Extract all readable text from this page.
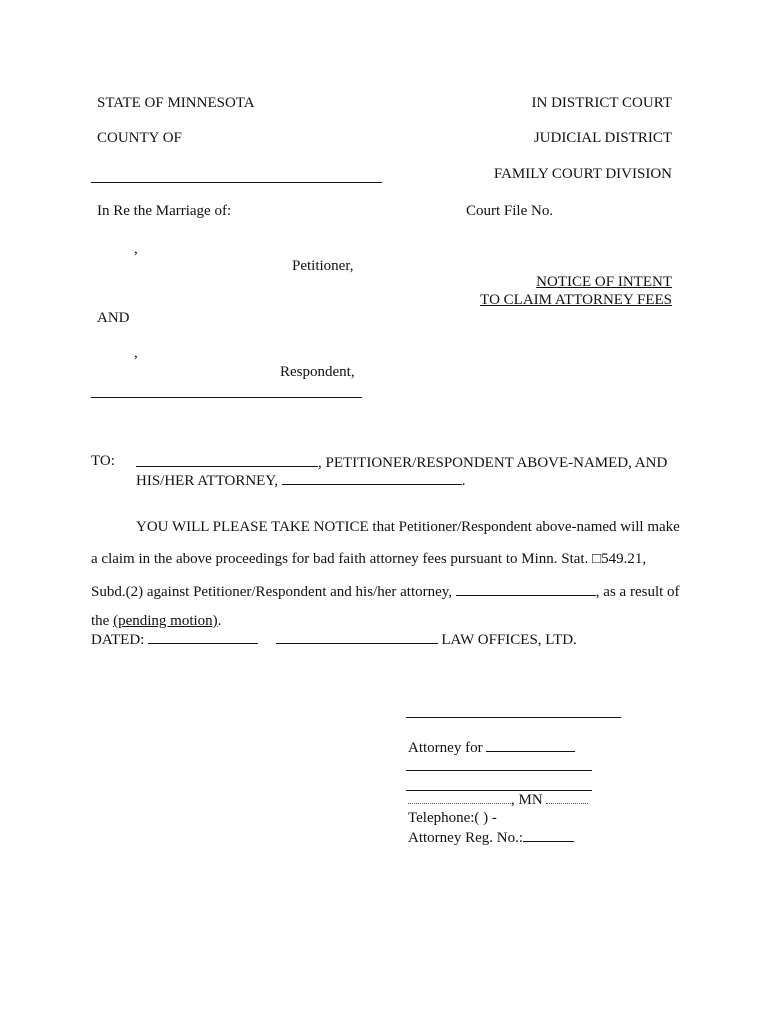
STATE OF MINNESOTA
COUNTY OF
In Re the Marriage of:
,
Petitioner,
AND
,
Respondent,
IN DISTRICT COURT
JUDICIAL DISTRICT
FAMILY COURT DIVISION
Court File No.
NOTICE OF INTENT
TO CLAIM ATTORNEY FEES
TO:	, PETITIONER/RESPONDENT ABOVE-NAMED, AND
HIS/HER ATTORNEY,	.
YOU WILL PLEASE TAKE NOTICE that Petitioner/Respondent above-named will make
a claim in the above proceedings for bad faith attorney fees pursuant to Minn. Stat. □549.21,
Subd.(2) against Petitioner/Respondent and his/her attorney,	, as a result of
the (pending motion).
DATED:	LAW OFFICES, LTD.
Attorney for
, MN
Telephone:( ) -
Attorney Reg. No.:
